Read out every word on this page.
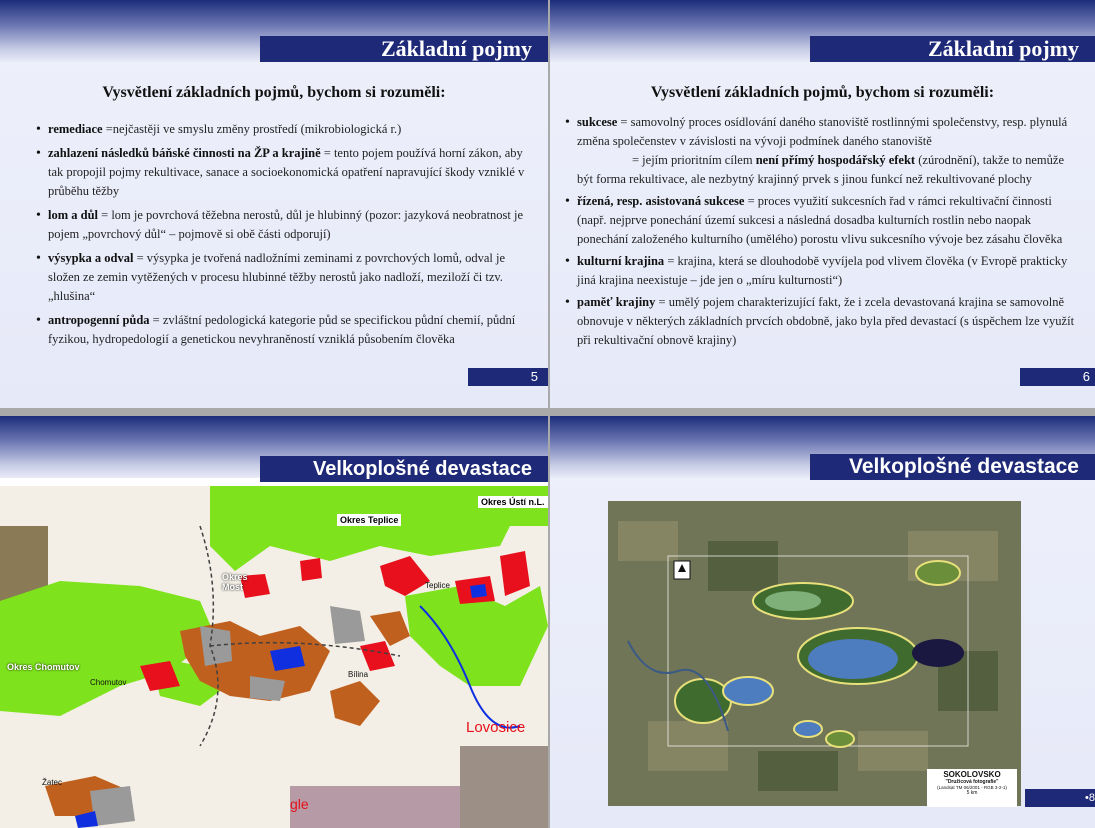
Základní pojmy
Vysvětlení základních pojmů, bychom si rozuměli:
• remediace =nejčastěji ve smyslu změny prostředí (mikrobiologická r.)
• zahlazení následků báňské činnosti na ŽP a krajině = tento pojem používá horní zákon, aby tak propojil pojmy rekultivace, sanace a socioekonomická opatření napravující škody vzniklé v průběhu těžby
• lom a důl = lom je povrchová těžebna nerostů, důl je hlubinný (pozor: jazyková neobratnost je pojem „povrchový důl“ – pojmově si obě části odporují)
• výsypka a odval = výsypka je tvořená nadložními zeminami z povrchových lomů, odval je složen ze zemin vytěžených v procesu hlubinné těžby nerostů jako nadloží, meziloží či tzv. „hlušina“
• antropogenní půda = zvláštní pedologická kategorie půd se specifickou půdní chemií, půdní fyzikou, hydropedologií a genetickou nevyhraněností vzniklá působením člověka
5
Základní pojmy
Vysvětlení základních pojmů, bychom si rozuměli:
• sukcese = samovolný proces osídlování daného stanoviště rostlinnými společenstvy, resp. plynulá změna společenstev v závislosti na vývoji podmínek daného stanoviště
= jejím prioritním cílem není přímý hospodářský efekt (zúrodnění), takže to nemůže být forma rekultivace, ale nezbytný krajinný prvek s jinou funkcí než rekultivované plochy
• řízená, resp. asistovaná sukcese = proces využití sukcesních řad v rámci rekultivační činnosti (např. nejprve ponechání území sukcesi a následná dosadba kulturních rostlin nebo naopak ponechání založeného kulturního (umělého) porostu vlivu sukcesního vývoje bez zásahu člověka
• kulturní krajina = krajina, která se dlouhodobě vyvíjela pod vlivem člověka (v Evropě prakticky jiná krajina neexistuje – jde jen o „míru kulturnosti“)
• paměť krajiny = umělý pojem charakterizující fakt, že i zcela devastovaná krajina se samovolně obnovuje v některých základních prvcích obdobně, jako byla před devastací (s úspěchem lze využít při rekultivační obnově krajiny)
6
Velkoplošné devastace
Okres Teplice
Okres Ústí n.L.
Okres Most
Okres Chomutov
Chomutov
Bílina
Teplice
Lovosice
Žatec
gle
Velkoplošné devastace
SOKOLOVSKO
"Družicová fotografie"
(Landsat TM 06/2001 - RGB 3-2-1)
5 km	•8
